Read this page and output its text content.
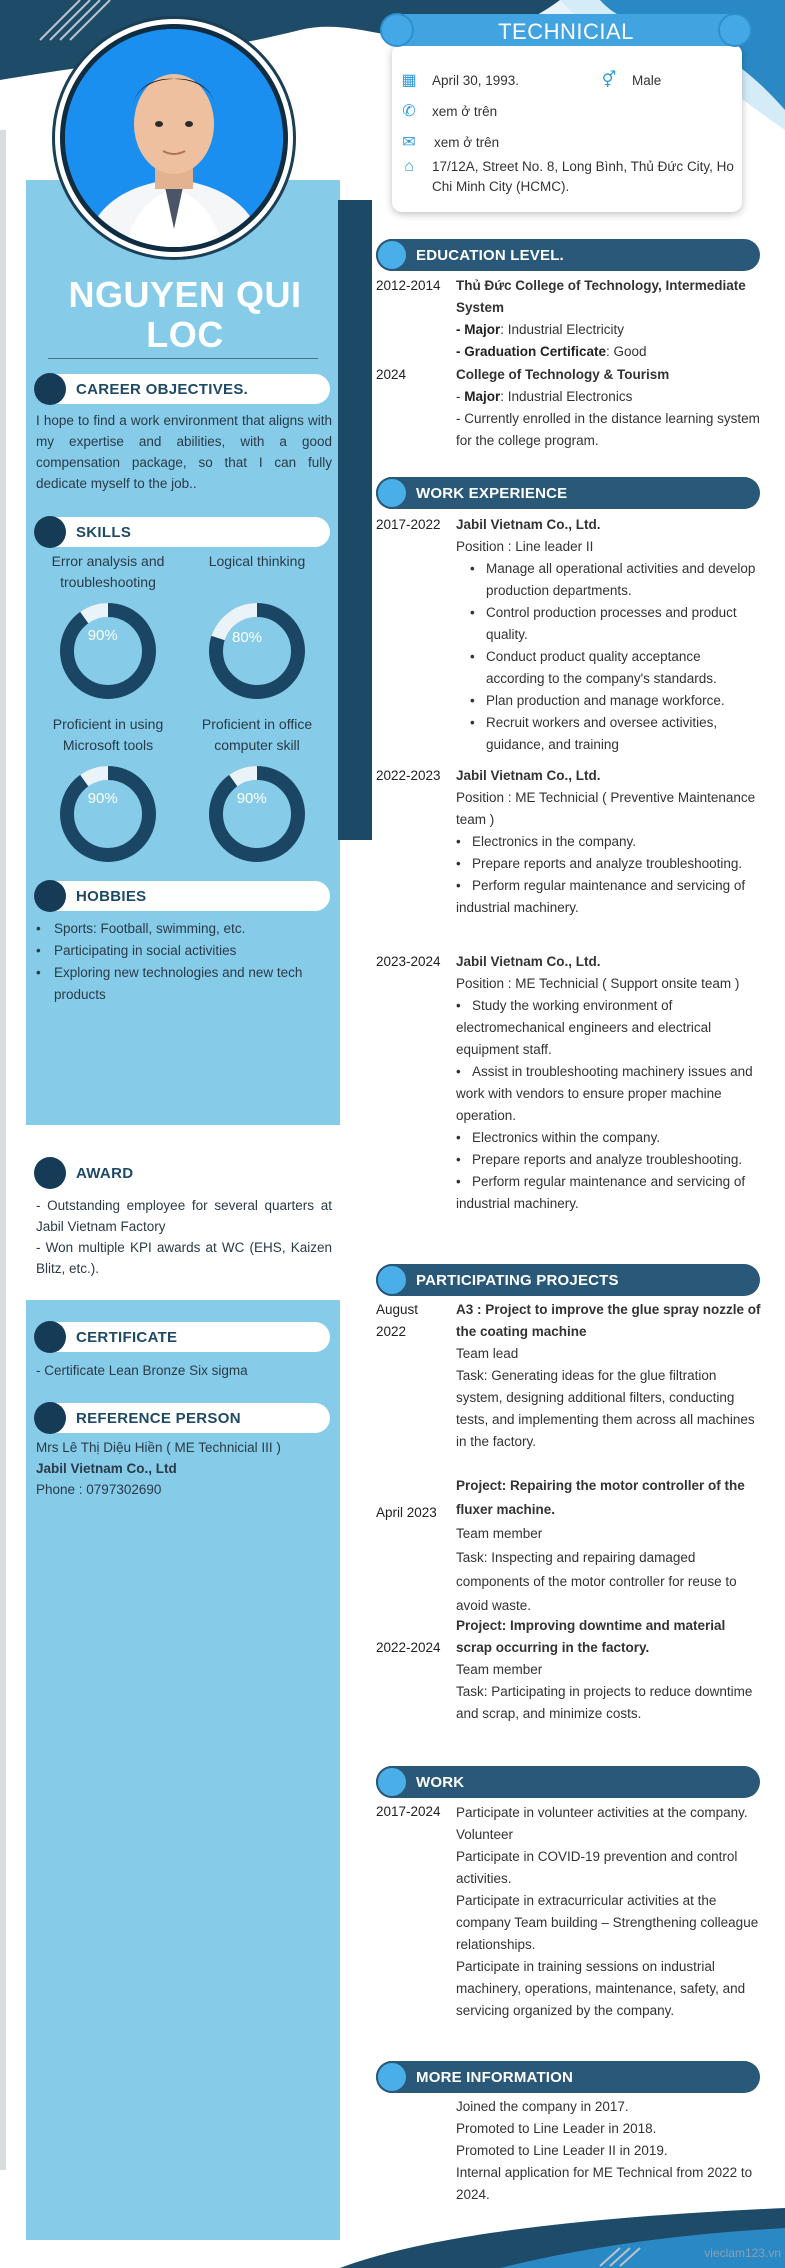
NGUYEN QUI LOC
CAREER OBJECTIVES.
I hope to find a work environment that aligns with my expertise and abilities, with a good compensation package, so that I can fully dedicate myself to the job..
SKILLS
Error analysis and troubleshooting
90%
Logical thinking
80%
Proficient in using Microsoft tools
90%
Proficient in office computer skill
90%
HOBBIES
• Sports: Football, swimming, etc.
• Participating in social activities
• Exploring new technologies and new tech products
AWARD
- Outstanding employee for several quarters at Jabil Vietnam Factory
- Won multiple KPI awards at WC (EHS, Kaizen Blitz, etc.).
CERTIFICATE
- Certificate Lean Bronze Six sigma
REFERENCE PERSON
Mrs Lê Thị Diệu Hiền ( ME Technicial III )
Jabil Vietnam Co., Ltd
Phone : 0797302690
▦ April 30, 1993.	⚥ Male
✆	xem ở trên
✉	xem ở trên
⌂	17/12A, Street No. 8, Long Bình, Thủ Đức City, Ho Chi Minh City (HCMC).
TECHNICIAL
EDUCATION LEVEL.
2012-2014	Thủ Đức College of Technology, Intermediate System
- Major: Industrial Electricity
- Graduation Certificate: Good
2024	College of Technology & Tourism
- Major: Industrial Electronics
- Currently enrolled in the distance learning system for the college program.
WORK EXPERIENCE
2017-2022	Jabil Vietnam Co., Ltd.
Position : Line leader II
• Manage all operational activities and develop production departments.
• Control production processes and product quality.
• Conduct product quality acceptance according to the company's standards.
• Plan production and manage workforce.
• Recruit workers and oversee activities, guidance, and training
2022-2023	Jabil Vietnam Co., Ltd.
Position : ME Technicial ( Preventive Maintenance team )
•   Electronics in the company.
•   Prepare reports and analyze troubleshooting.
•   Perform regular maintenance and servicing of industrial machinery.
2023-2024	Jabil Vietnam Co., Ltd.
Position : ME Technicial ( Support onsite team )
•   Study the working environment of electromechanical engineers and electrical equipment staff.
•   Assist in troubleshooting machinery issues and work with vendors to ensure proper machine operation.
•   Electronics within the company.
•   Prepare reports and analyze troubleshooting.
•   Perform regular maintenance and servicing of industrial machinery.
PARTICIPATING PROJECTS
August 2022
A3 : Project to improve the glue spray nozzle of the coating machine
Team lead
Task: Generating ideas for the glue filtration system, designing additional filters, conducting tests, and implementing them across all machines in the factory.
April 2023
Project: Repairing the motor controller of the fluxer machine.
Team member
Task: Inspecting and repairing damaged components of the motor controller for reuse to avoid waste.
2022-2024
Project: Improving downtime and material scrap occurring in the factory.
Team member
Task: Participating in projects to reduce downtime and scrap, and minimize costs.
WORK
2017-2024	Participate in volunteer activities at the company.
Volunteer
Participate in COVID-19 prevention and control activities.
Participate in extracurricular activities at the company Team building – Strengthening colleague relationships.
Participate in training sessions on industrial machinery, operations, maintenance, safety, and servicing organized by the company.
MORE INFORMATION
Joined the company in 2017.
Promoted to Line Leader in 2018.
Promoted to Line Leader II in 2019.
Internal application for ME Technical from 2022 to 2024.
vieclam123.vn
